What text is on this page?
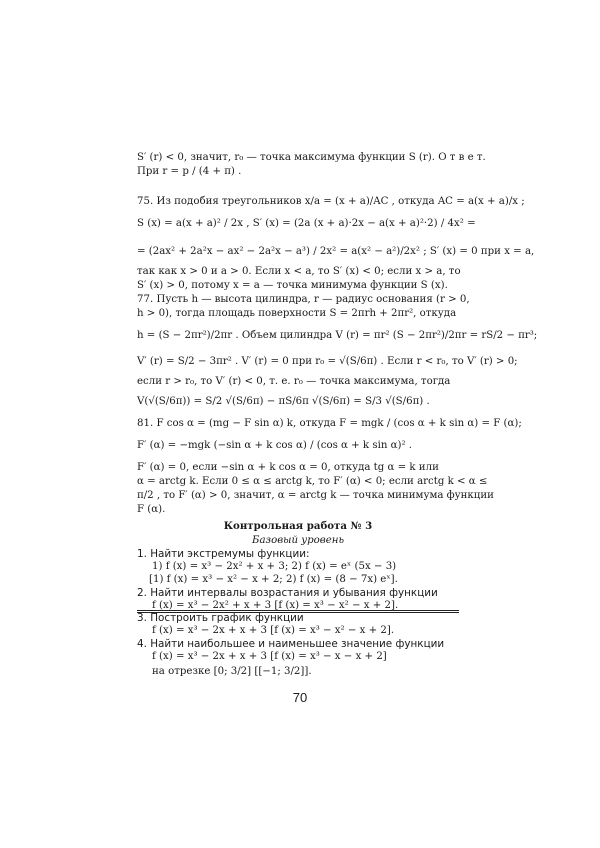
S′ (r) < 0, значит, r₀ — точка максимума функции S (r). О т в е т.
При r = p / (4 + π) .
75. Из подобия треугольников x/a = (x + a)/AC , откуда AC = a(x + a)/x ;
S (x) = a(x + a)² / 2x , S′ (x) = (2a (x + a)·2x − a(x + a)²·2) / 4x² =
= (2ax² + 2a²x − ax² − 2a²x − a³) / 2x² = a(x² − a²)/2x² ; S′ (x) = 0 при x = a,
так как x > 0 и a > 0. Если x < a, то S′ (x) < 0; если x > a, то
S′ (x) > 0, потому x = a — точка минимума функции S (x).
77. Пусть h — высота цилиндра, r — радиус основания (r > 0,
h > 0), тогда площадь поверхности S = 2πrh + 2πr², откуда
h = (S − 2πr²)/2πr . Объем цилиндра V (r) = πr² (S − 2πr²)/2πr = rS/2 − πr³;
V′ (r) = S/2 − 3πr² . V′ (r) = 0 при r₀ = √(S/6π) . Если r < r₀, то V′ (r) > 0;
если r > r₀, то V′ (r) < 0, т. е. r₀ — точка максимума, тогда
V(√(S/6π)) = S/2 √(S/6π) − πS/6π √(S/6π) = S/3 √(S/6π) .
81. F cos α = (mg − F sin α) k, откуда F = mgk / (cos α + k sin α) = F (α);
F′ (α) = −mgk (−sin α + k cos α) / (cos α + k sin α)² .
F′ (α) = 0, если −sin α + k cos α = 0, откуда tg α = k или
α = arctg k. Если 0 ≤ α ≤ arctg k, то F′ (α) < 0; если arctg k < α ≤
π/2 , то F′ (α) > 0, значит, α = arctg k — точка минимума функции
F (α).
Контрольная работа № 3
Базовый уровень
1. Найти экстремумы функции:
1) f (x) = x³ − 2x² + x + 3; 2) f (x) = eˣ (5x − 3)
[1) f (x) = x³ − x² − x + 2; 2) f (x) = (8 − 7x) eˣ].
2. Найти интервалы возрастания и убывания функции
f (x) = x³ − 2x² + x + 3 [f (x) = x³ − x² − x + 2].
3. Построить график функции
f (x) = x³ − 2x + x + 3 [f (x) = x³ − x² − x + 2].
4. Найти наибольшее и наименьшее значение функции
f (x) = x³ − 2x + x + 3 [f (x) = x³ − x − x + 2]
на отрезке [0; 3/2] [[−1; 3/2]].
70
